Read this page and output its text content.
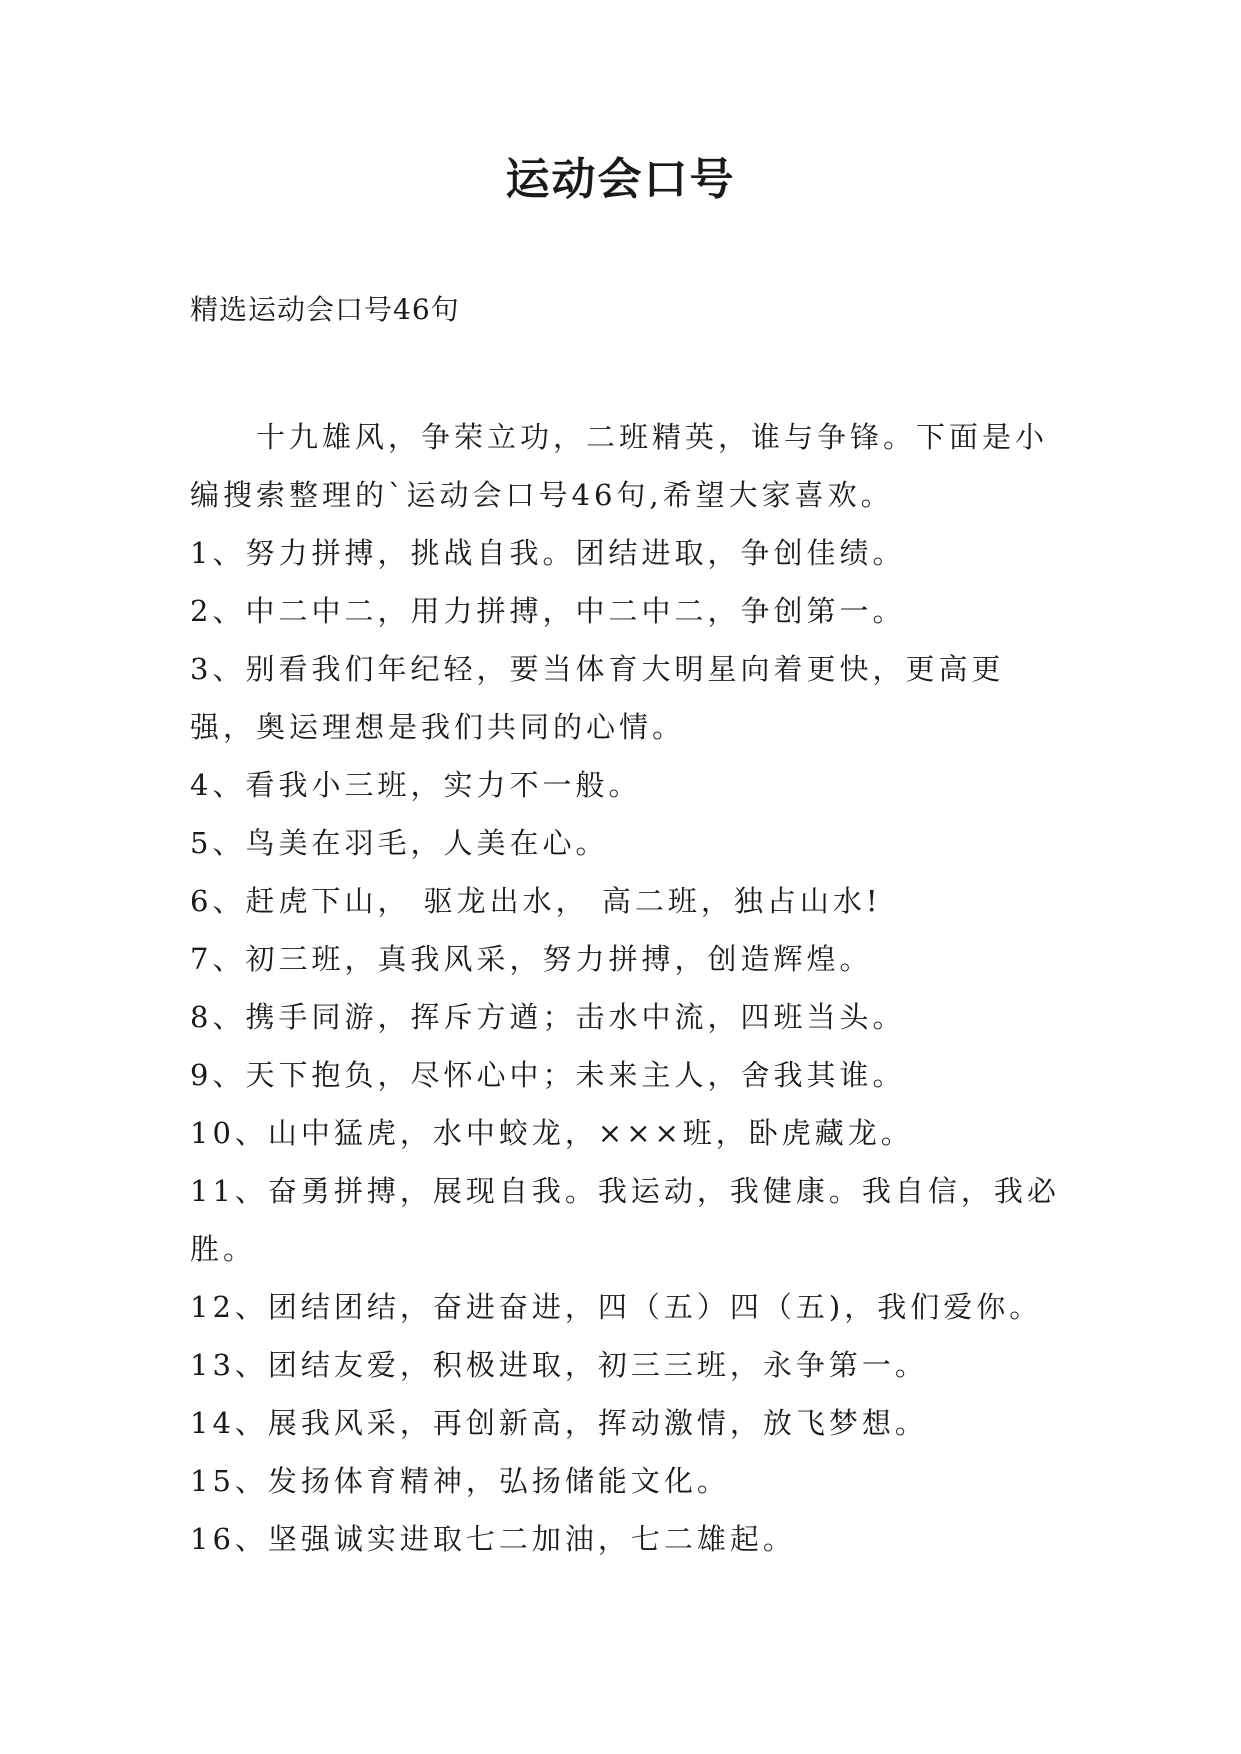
运动会口号

精选运动会口号46句

十九雄风，争荣立功，二班精英，谁与争锋。下面是小编搜索整理的`运动会口号46句,希望大家喜欢。

1、努力拼搏，挑战自我。团结进取，争创佳绩。

2、中二中二，用力拼搏，中二中二，争创第一。

3、别看我们年纪轻，要当体育大明星向着更快，更高更强，奥运理想是我们共同的心情。

4、看我小三班，实力不一般。

5、鸟美在羽毛，人美在心。

6、赶虎下山， 驱龙出水， 高二班，独占山水!

7、初三班，真我风采，努力拼搏，创造辉煌。

8、携手同游，挥斥方遒；击水中流，四班当头。

9、天下抱负，尽怀心中；未来主人，舍我其谁。

10、山中猛虎，水中蛟龙，×××班，卧虎藏龙。

11、奋勇拼搏，展现自我。我运动，我健康。我自信，我必胜。

12、团结团结，奋进奋进，四（五）四（五)，我们爱你。

13、团结友爱，积极进取，初三三班，永争第一。

14、展我风采，再创新高，挥动激情，放飞梦想。

15、发扬体育精神，弘扬储能文化。

16、坚强诚实进取七二加油，七二雄起。
